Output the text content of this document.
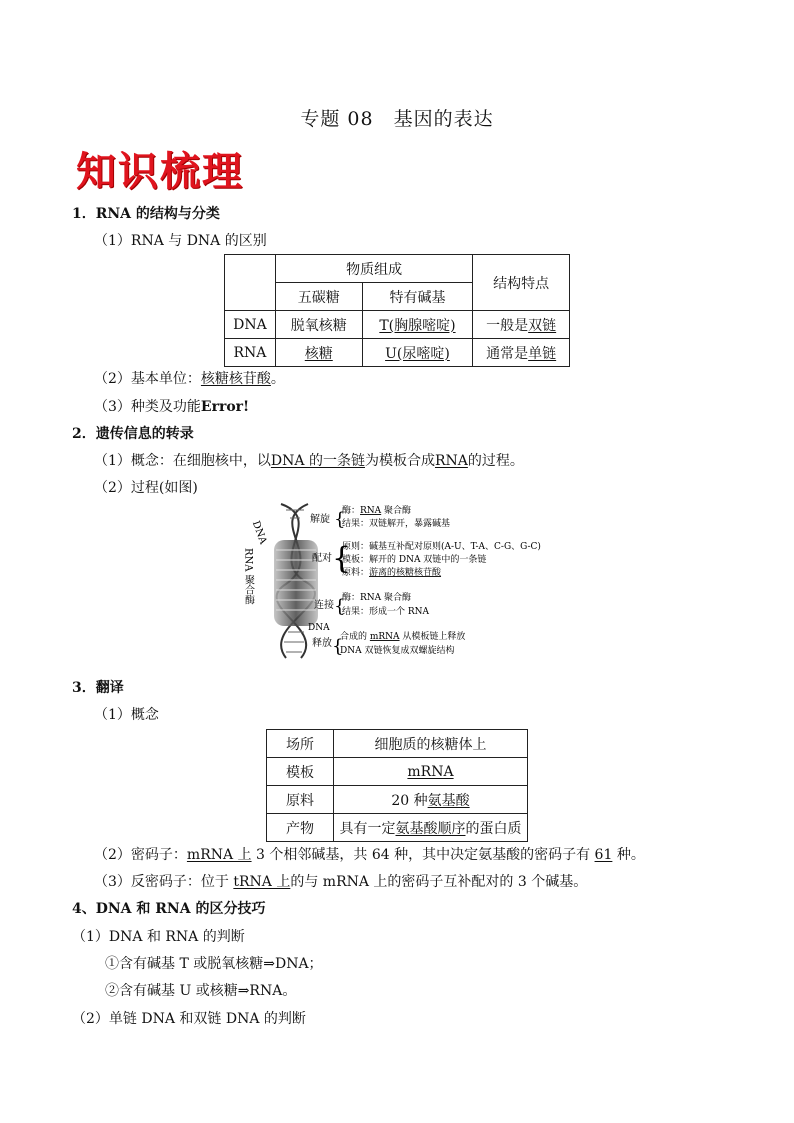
专题 08　基因的表达
知识梳理
1．RNA 的结构与分类
（1）RNA 与 DNA 的区别
	物质组成		结构特点
	五碳糖	特有碱基	
DNA	脱氧核糖	T(胸腺嘧啶)	一般是双链
RNA	核糖	U(尿嘧啶)	通常是单链
（2）基本单位：核糖核苷酸。
（3）种类及功能Error!
2．遗传信息的转录
（1）概念：在细胞核中，以DNA 的一条链为模板合成RNA的过程。
（2）过程(如图)
DNA
RNA 聚合酶
解旋 {
酶：RNA 聚合酶
结果：双链解开，暴露碱基
配对 {
原则：碱基互补配对原则(A-U、T-A、C-G、G-C)
模板：解开的 DNA 双链中的一条链
原料：游离的核糖核苷酸
连接 {
酶：RNA 聚合酶
结果：形成一个 RNA
DNA
释放 {
合成的 mRNA 从模板链上释放
DNA 双链恢复成双螺旋结构
3．翻译
（1）概念
场所	细胞质的核糖体上
模板	mRNA
原料	20 种氨基酸
产物	具有一定氨基酸顺序的蛋白质
（2）密码子：mRNA 上 3 个相邻碱基，共 64 种，其中决定氨基酸的密码子有 61 种。
（3）反密码子：位于 tRNA 上的与 mRNA 上的密码子互补配对的 3 个碱基。
4、DNA 和 RNA 的区分技巧
（1）DNA 和 RNA 的判断
①含有碱基 T 或脱氧核糖⇒DNA；
②含有碱基 U 或核糖⇒RNA。
（2）单链 DNA 和双链 DNA 的判断
